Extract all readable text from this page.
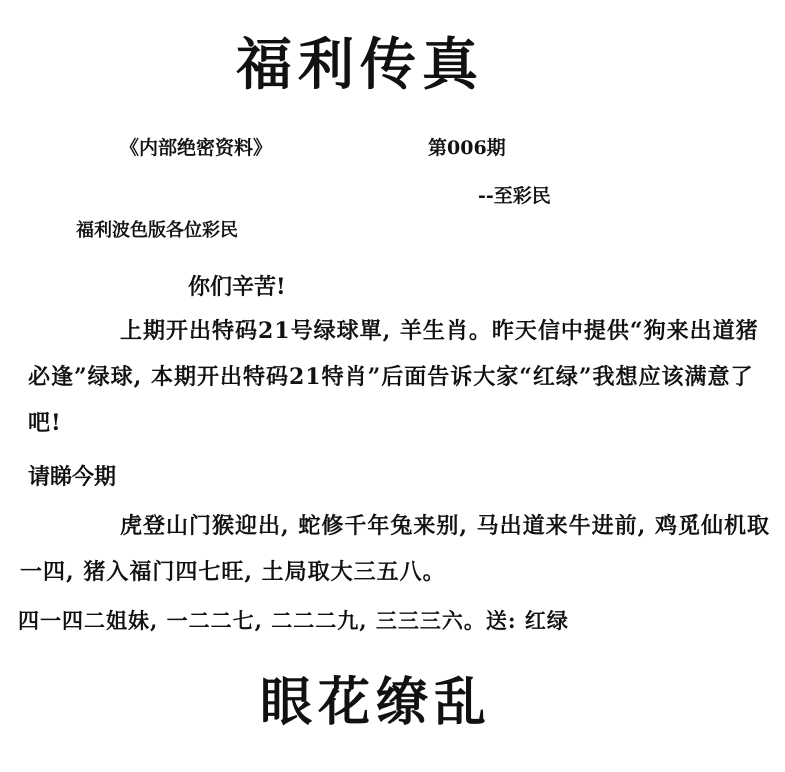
福利传真
《内部绝密资料》	第006期
--至彩民
福利波色版各位彩民
你们辛苦!
上期开出特码21号绿球單, 羊生肖。昨天信中提供“狗来出道猪必逢”绿球, 本期开出特码21特肖”后面告诉大家“红绿”我想应该满意了吧!
请睇今期
虎登山门猴迎出, 蛇修千年兔来别, 马出道来牛进前, 鸡觅仙机取一四, 猪入福门四七旺, 土局取大三五八。
四一四二姐妹, 一二二七, 二二二九, 三三三六。送: 红绿
眼花缭乱
